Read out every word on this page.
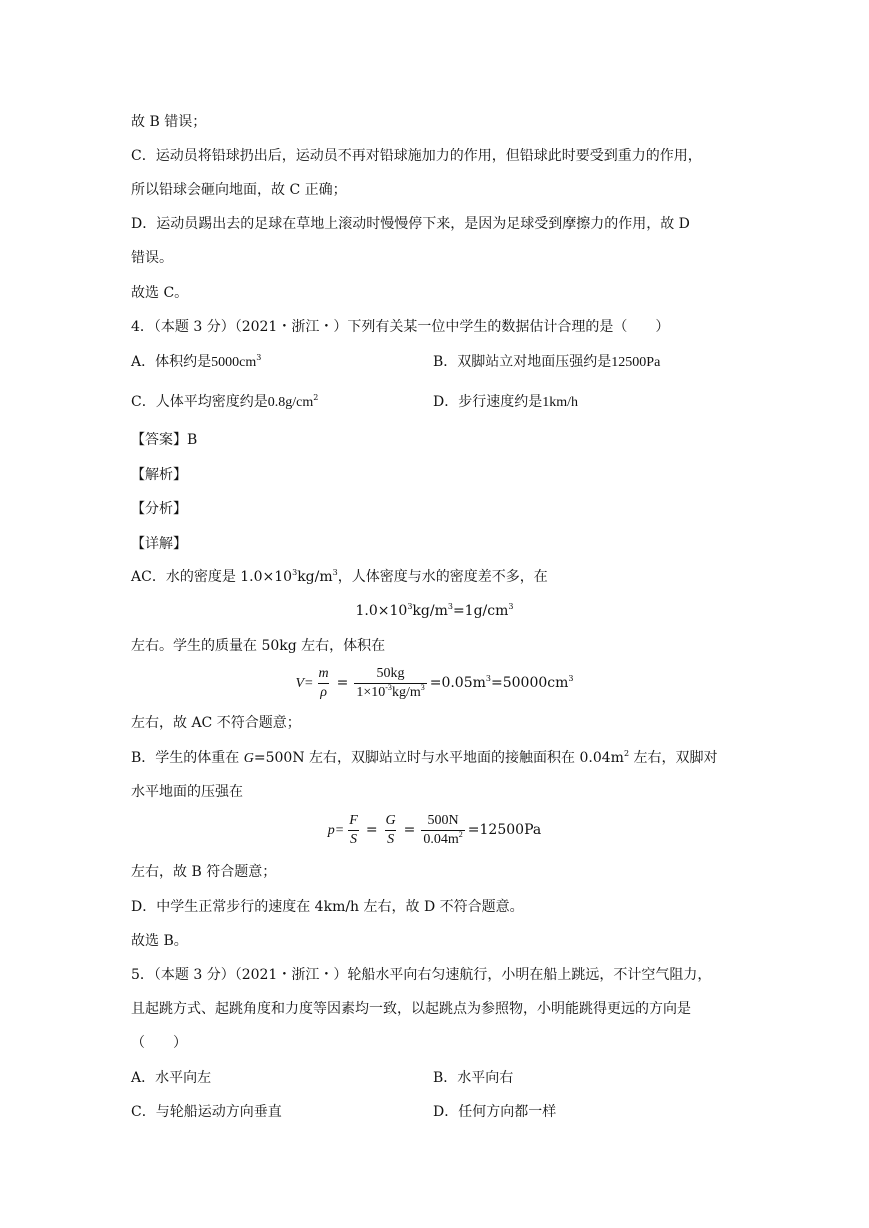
故 B 错误；
C．运动员将铅球扔出后，运动员不再对铅球施加力的作用，但铅球此时要受到重力的作用，
所以铅球会砸向地面，故 C 正确；
D．运动员踢出去的足球在草地上滚动时慢慢停下来，是因为足球受到摩擦力的作用，故 D
错误。
故选 C。
4．（本题 3 分）（2021・浙江・）下列有关某一位中学生的数据估计合理的是（　　）
A．体积约是$5000cm^3$	B．双脚站立对地面压强约是12500Pa
C．人体平均密度约是$0.8g/cm^2$	D．步行速度约是1km/h
【答案】B
【解析】
【分析】
【详解】
AC．水的密度是 $1.0\times 10^3kg/m^3$，人体密度与水的密度差不多，在
$1.0\times 10^3kg/m^3=1g/cm^3$
左右。学生的质量在 50kg 左右，体积在
$V= \frac{m}{\rho} = \frac{50kg}{1\times 10^{-3}kg/m^3} =0.05m^3=50000cm^3$
左右，故 AC 不符合题意；
B．学生的体重在 G=500N 左右，双脚站立时与水平地面的接触面积在 $0.04m^2$ 左右，双脚对
水平地面的压强在
$p= \frac{F}{S} = \frac{G}{S} = \frac{500N}{0.04m^2} =12500Pa$
左右，故 B 符合题意；
D．中学生正常步行的速度在 4km/h 左右，故 D 不符合题意。
故选 B。
5．（本题 3 分）（2021・浙江・）轮船水平向右匀速航行，小明在船上跳远，不计空气阻力，
且起跳方式、起跳角度和力度等因素均一致，以起跳点为参照物，小明能跳得更远的方向是
（　　）
A．水平向左	B．水平向右
C．与轮船运动方向垂直	D．任何方向都一样
